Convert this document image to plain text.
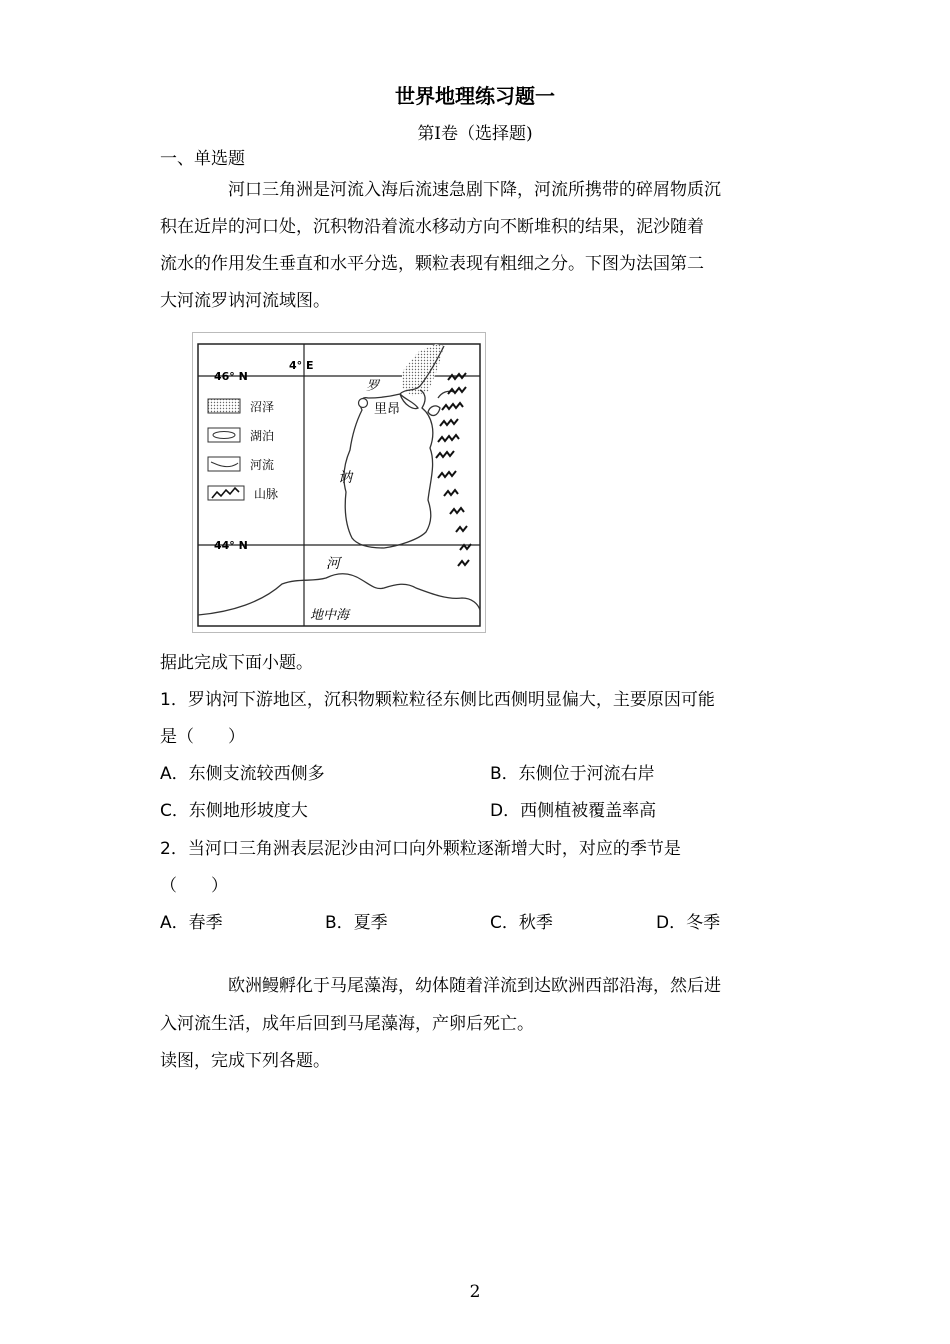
世界地理练习题一
第Ⅰ卷（选择题)
一、单选题
河口三角洲是河流入海后流速急剧下降，河流所携带的碎屑物质沉
积在近岸的河口处，沉积物沿着流水移动方向不断堆积的结果，泥沙随着
流水的作用发生垂直和水平分选，颗粒表现有粗细之分。下图为法国第二
大河流罗讷河流域图。
46° N
4° E
44° N
罗
里昂
讷
河
地中海
沼泽
湖泊
河流
山脉
据此完成下面小题。
1．罗讷河下游地区，沉积物颗粒粒径东侧比西侧明显偏大，主要原因可能
是（　　）
A．东侧支流较西侧多	B．东侧位于河流右岸
C．东侧地形坡度大	D．西侧植被覆盖率高
2．当河口三角洲表层泥沙由河口向外颗粒逐渐增大时，对应的季节是
（　　）
A．春季	B．夏季	C．秋季	D．冬季
欧洲鳗孵化于马尾藻海，幼体随着洋流到达欧洲西部沿海，然后进
入河流生活，成年后回到马尾藻海，产卵后死亡。
读图，完成下列各题。
2
